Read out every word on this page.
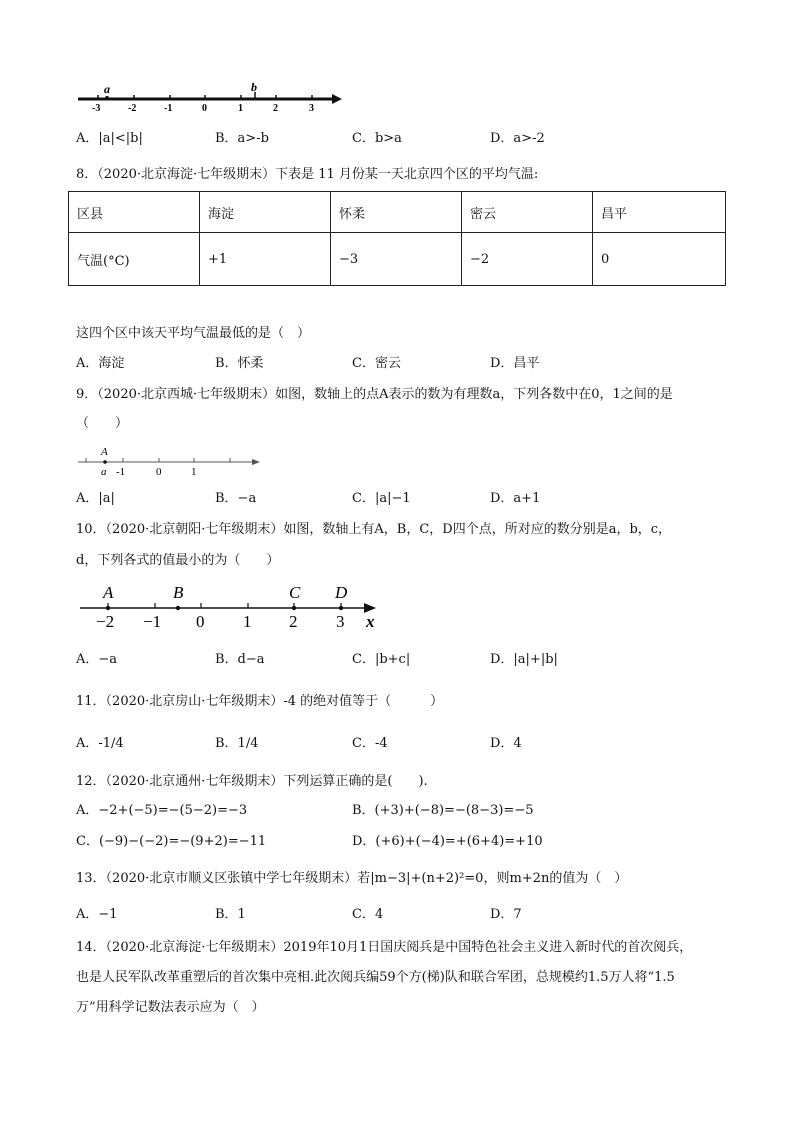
-3	-2	-1	0	1	2	3
a	b
A．|a|<|b|	B．a>-b	C．b>a	D．a>-2
8．（2020·北京海淀·七年级期末）下表是 11 月份某一天北京四个区的平均气温:
区县	海淀	怀柔	密云	昌平
气温(°C)	+1	−3	−2	0
这四个区中该天平均气温最低的是（　）
A．海淀	B．怀柔	C．密云	D．昌平
9．（2020·北京西城·七年级期末）如图，数轴上的点A表示的数为有理数a，下列各数中在0，1之间的是
（　　）
A
a -1	0	1
A．|a|	B．−a	C．|a|−1	D．a+1
10．（2020·北京朝阳·七年级期末）如图，数轴上有A，B，C，D四个点，所对应的数分别是a，b，c，
d，下列各式的值最小的为（　　）
A	B	C D
−2 −1 0 1 2 3 x
A．−a	B．d−a	C．|b+c|	D．|a|+|b|
11．（2020·北京房山·七年级期末）-4 的绝对值等于（　　　）
A．-1/4	B．1/4	C．-4	D．4
12．（2020·北京通州·七年级期末）下列运算正确的是(　　).
A．−2+(−5)=−(5−2)=−3	B．(+3)+(−8)=−(8−3)=−5
C．(−9)−(−2)=−(9+2)=−11	D．(+6)+(−4)=+(6+4)=+10
13．（2020·北京市顺义区张镇中学七年级期末）若|m−3|+(n+2)²=0，则m+2n的值为（　）
A．−1	B．1	C．4	D．7
14．（2020·北京海淀·七年级期末）2019年10月1日国庆阅兵是中国特色社会主义进入新时代的首次阅兵，
也是人民军队改革重塑后的首次集中亮相.此次阅兵编59个方(梯)队和联合军团，总规模约1.5万人将“1.5
万”用科学记数法表示应为（　）
